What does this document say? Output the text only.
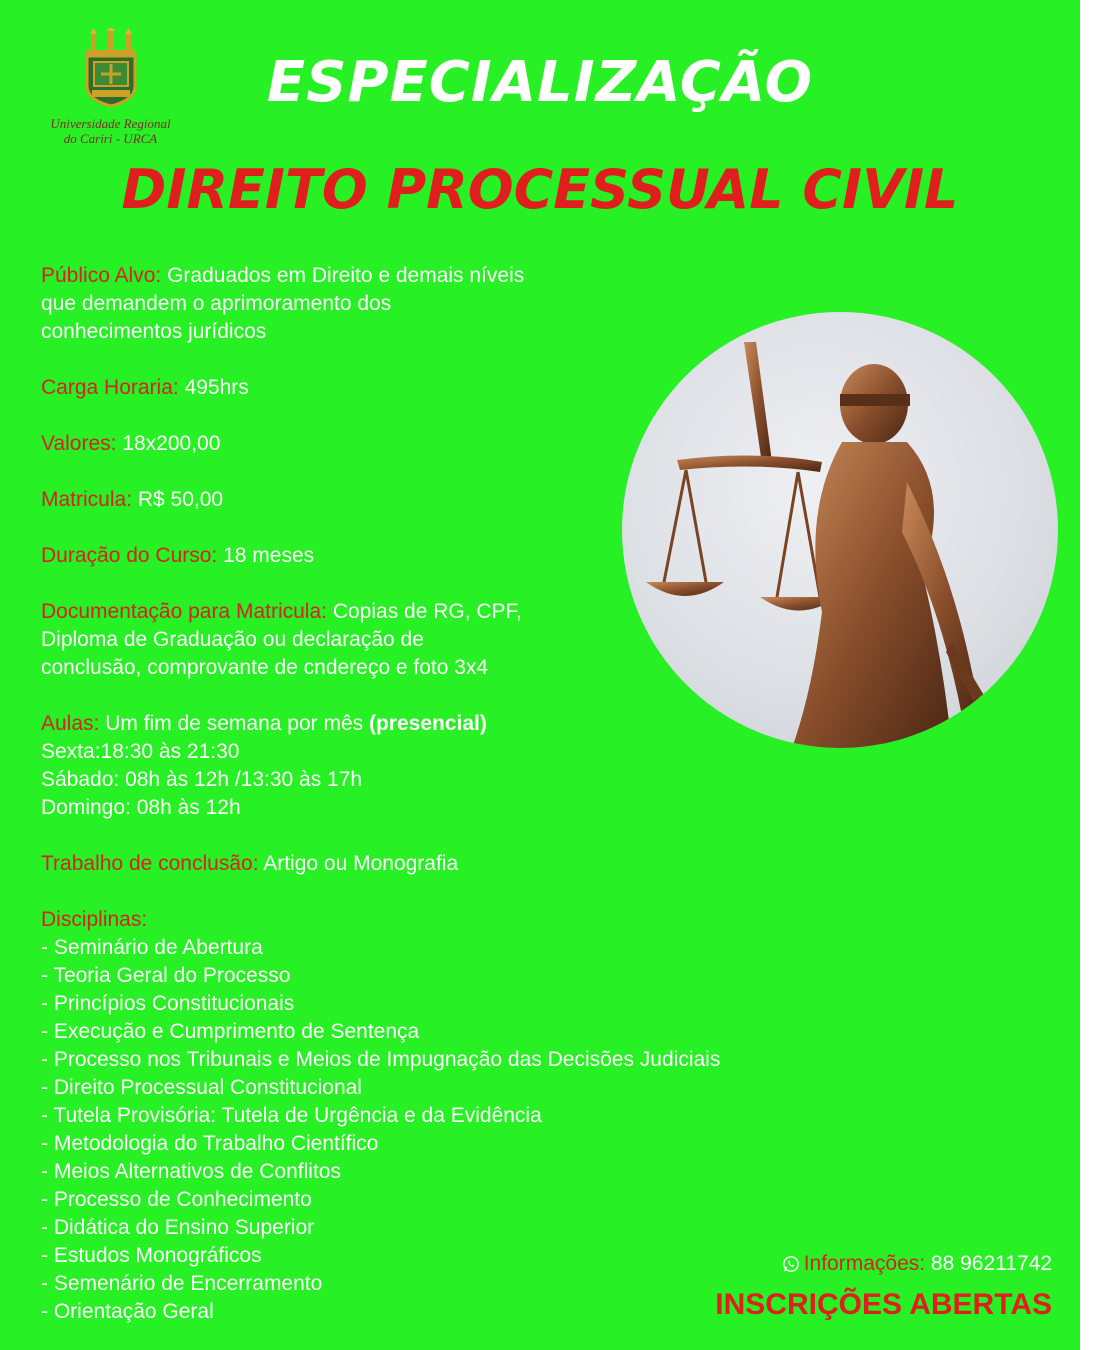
Universidade Regional
do Cariri - URCA
ESPECIALIZAÇÃO
DIREITO PROCESSUAL CIVIL
Público Alvo: Graduados em Direito e demais níveis
que demandem o aprimoramento dos
conhecimentos jurídicos
Carga Horaria: 495hrs
Valores: 18x200,00
Matricula: R$ 50,00
Duração do Curso: 18 meses
Documentação para Matricula: Copias de RG, CPF,
Diploma de Graduação ou declaração de
conclusão, comprovante de cndereço e foto 3x4
Aulas: Um fim de semana por mês (presencial)
Sexta:18:30 às 21:30
Sábado: 08h às 12h /13:30 às 17h
Domingo: 08h às 12h
Trabalho de conclusão: Artigo ou Monografia
Disciplinas:
- Seminário de Abertura
- Teoria Geral do Processo
- Princípios Constitucionais
- Execução e Cumprimento de Sentença
- Processo nos Tribunais e Meios de Impugnação das Decisões Judiciais
- Direito Processual Constitucional
- Tutela Provisória: Tutela de Urgência e da Evidência
- Metodologia do Trabalho Científico
- Meios Alternativos de Conflitos
- Processo de Conhecimento
- Didática do Ensino Superior
- Estudos Monográficos
- Semenário de Encerramento
- Orientação Geral
Informações: 88 96211742

INSCRIÇÕES ABERTAS
